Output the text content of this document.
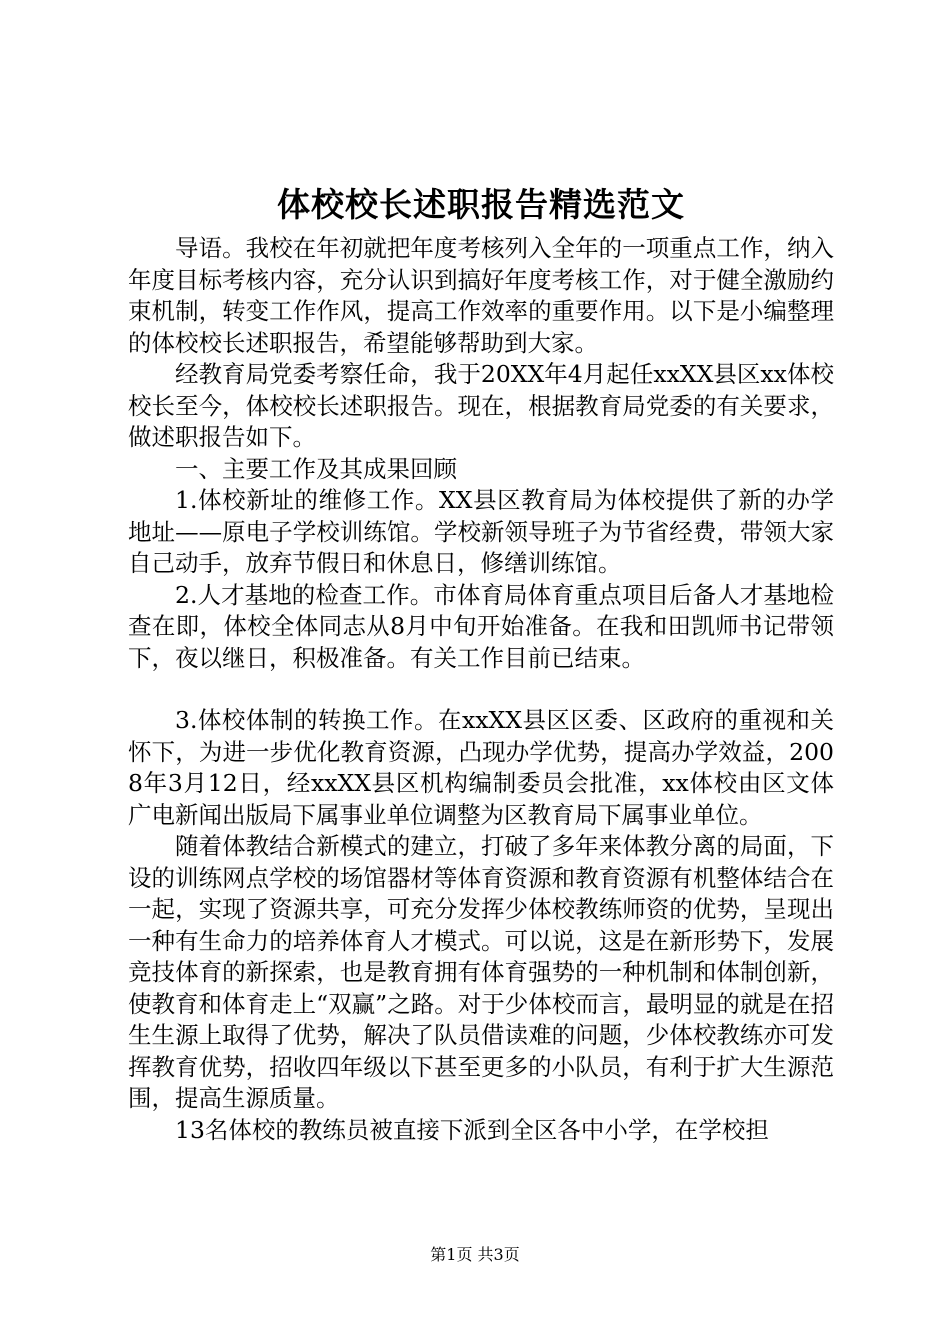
体校校长述职报告精选范文

导语。我校在年初就把年度考核列入全年的一项重点工作，纳入年度目标考核内容，充分认识到搞好年度考核工作，对于健全激励约束机制，转变工作作风，提高工作效率的重要作用。以下是小编整理的体校校长述职报告，希望能够帮助到大家。

经教育局党委考察任命，我于20XX年4月起任xxXX县区xx体校校长至今，体校校长述职报告。现在，根据教育局党委的有关要求，做述职报告如下。

一、主要工作及其成果回顾

1.体校新址的维修工作。XX县区教育局为体校提供了新的办学地址——原电子学校训练馆。学校新领导班子为节省经费，带领大家自己动手，放弃节假日和休息日，修缮训练馆。

2.人才基地的检查工作。市体育局体育重点项目后备人才基地检查在即，体校全体同志从8月中旬开始准备。在我和田凯师书记带领下，夜以继日，积极准备。有关工作目前已结束。

3.体校体制的转换工作。在xxXX县区区委、区政府的重视和关怀下，为进一步优化教育资源，凸现办学优势，提高办学效益，2008年3月12日，经xxXX县区机构编制委员会批准，xx体校由区文体广电新闻出版局下属事业单位调整为区教育局下属事业单位。

随着体教结合新模式的建立，打破了多年来体教分离的局面，下设的训练网点学校的场馆器材等体育资源和教育资源有机整体结合在一起，实现了资源共享，可充分发挥少体校教练师资的优势，呈现出一种有生命力的培养体育人才模式。可以说，这是在新形势下，发展竞技体育的新探索，也是教育拥有体育强势的一种机制和体制创新，使教育和体育走上“双赢”之路。对于少体校而言，最明显的就是在招生生源上取得了优势，解决了队员借读难的问题，少体校教练亦可发挥教育优势，招收四年级以下甚至更多的小队员，有利于扩大生源范围，提高生源质量。

13名体校的教练员被直接下派到全区各中小学，在学校担

第1页 共3页
